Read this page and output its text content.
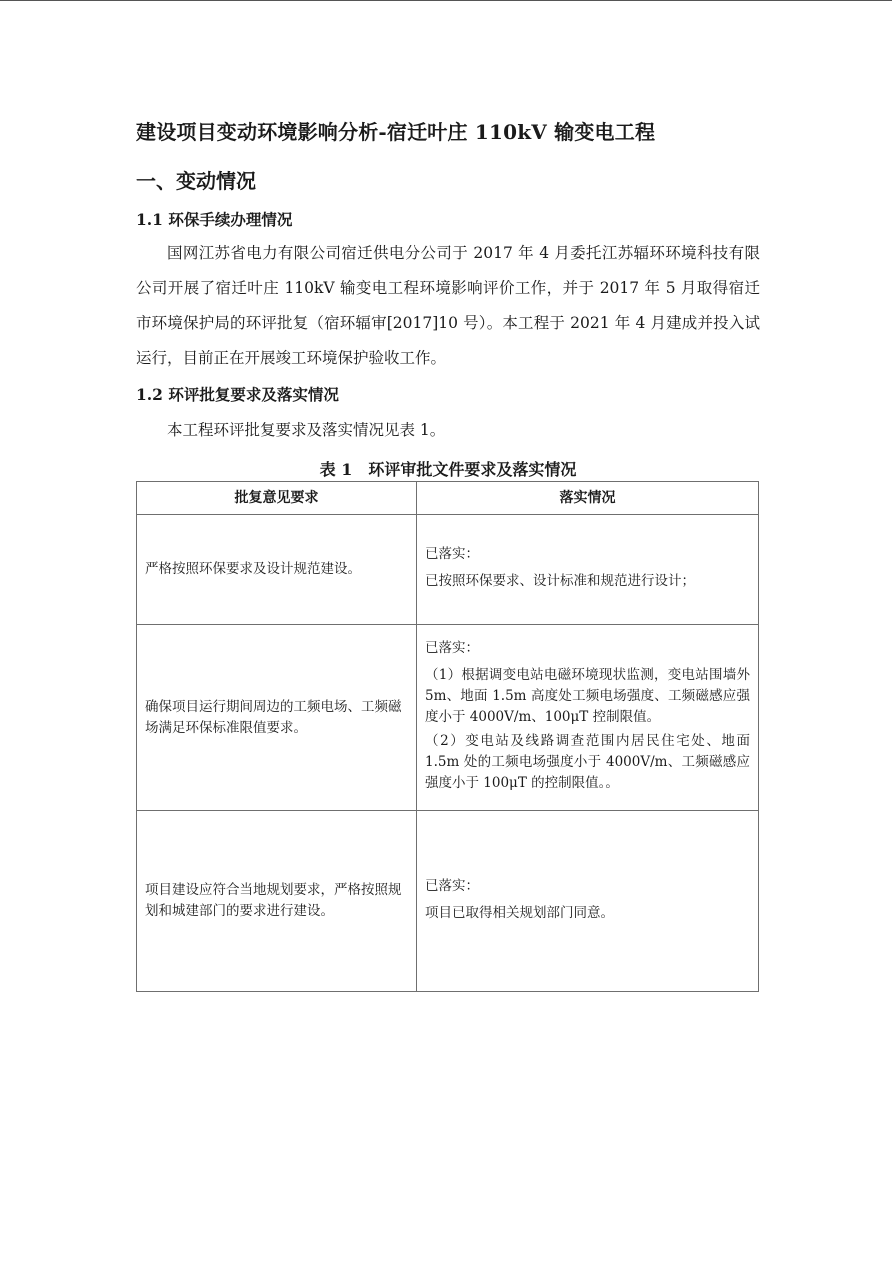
建设项目变动环境影响分析-宿迁叶庄 110kV 输变电工程
一、变动情况
1.1 环保手续办理情况
国网江苏省电力有限公司宿迁供电分公司于 2017 年 4 月委托江苏辐环环境科技有限公司开展了宿迁叶庄 110kV 输变电工程环境影响评价工作，并于 2017 年 5 月取得宿迁市环境保护局的环评批复（宿环辐审[2017]10 号）。本工程于 2021 年 4 月建成并投入试运行，目前正在开展竣工环境保护验收工作。
1.2 环评批复要求及落实情况
本工程环评批复要求及落实情况见表 1。
表 1　环评审批文件要求及落实情况
批复意见要求	落实情况

严格按照环保要求及设计规范建设。	已落实：

已按照环保要求、设计标准和规范进行设计；

确保项目运行期间周边的工频电场、工频磁场满足环保标准限值要求。	已落实：

（1）根据调变电站电磁环境现状监测，变电站围墙外 5m、地面 1.5m 高度处工频电场强度、工频磁感应强度小于 4000V/m、100μT 控制限值。

（2）变电站及线路调查范围内居民住宅处、地面 1.5m 处的工频电场强度小于 4000V/m、工频磁感应强度小于 100μT 的控制限值。。

项目建设应符合当地规划要求，严格按照规划和城建部门的要求进行建设。	已落实：

项目已取得相关规划部门同意。
